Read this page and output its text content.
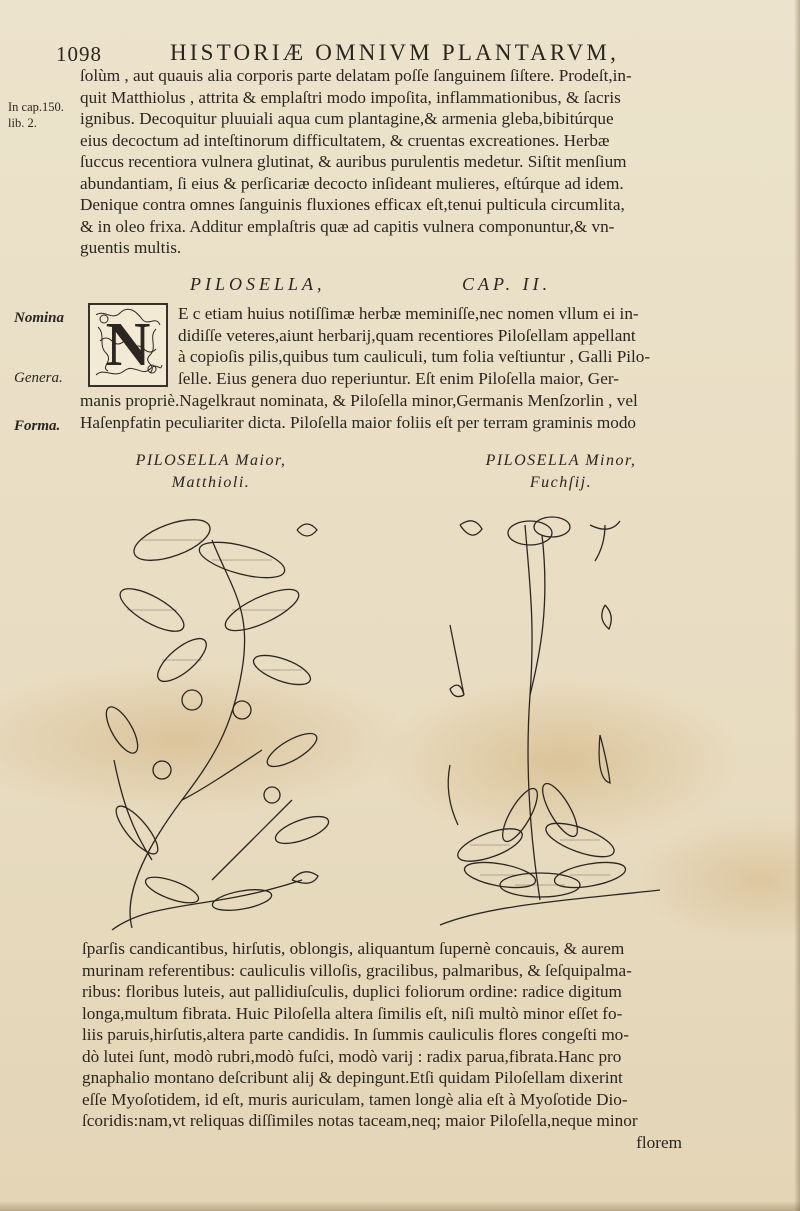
1098	HISTORIÆ OMNIVM PLANTARVM,
In cap.150.
lib. 2.
Nomina
Genera.
Forma.
ſolùm , aut quauis alia corporis parte delatam poſſe ſanguinem ſiſtere. Prodeſt,in-
quit Matthiolus , attrita & emplaſtri modo impoſita, inflammationibus, & ſacris
ignibus. Decoquitur pluuiali aqua cum plantagine,& armenia gleba,bibitúrque
eius decoctum ad inteſtinorum difficultatem, & cruentas excreationes. Herbæ
ſuccus recentiora vulnera glutinat, & auribus purulentis medetur. Siſtit menſium
abundantiam, ſi eius & perſicariæ decocto inſideant mulieres, eſtúrque ad idem.
Denique contra omnes ſanguinis fluxiones efficax eſt,tenui pulticula circumlita,
& in oleo frixa. Additur emplaſtris quæ ad capitis vulnera componuntur,& vn-
guentis multis.
PILOSELLA,	CAP. II.
N E c etiam huius notiſſimæ herbæ meminiſſe,nec nomen vllum ei in-
didiſſe veteres,aiunt herbarij,quam recentiores Piloſellam appellant
à copioſis pilis,quibus tum cauliculi, tum folia veſtiuntur , Galli Pilo-
ſelle. Eius genera duo reperiuntur. Eſt enim Piloſella maior, Ger-
manis propriè.Nagelkraut nominata, & Piloſella minor,Germanis Menſzorlin , vel
Haſenpfatin peculiariter dicta. Piloſella maior foliis eſt per terram graminis modo
PILOSELLA Maior,
Matthioli.
PILOSELLA Minor,
Fuchſij.
ſparſis candicantibus, hirſutis, oblongis, aliquantum ſupernè concauis, & aurem
murinam referentibus: cauliculis villoſis, gracilibus, palmaribus, & ſeſquipalma-
ribus: floribus luteis, aut pallidiuſculis, duplici foliorum ordine: radice digitum
longa,multum fibrata. Huic Piloſella altera ſimilis eſt, niſi multò minor eſſet fo-
liis paruis,hirſutis,altera parte candidis. In ſummis cauliculis flores congeſti mo-
dò lutei ſunt, modò rubri,modò fuſci, modò varij : radix parua,fibrata.Hanc pro
gnaphalio montano deſcribunt alij & depingunt.Etſi quidam Piloſellam dixerint
eſſe Myoſotidem, id eſt, muris auriculam, tamen longè alia eſt à Myoſotide Dio-
ſcoridis:nam,vt reliquas diſſimiles notas taceam,neq; maior Piloſella,neque minor
florem
